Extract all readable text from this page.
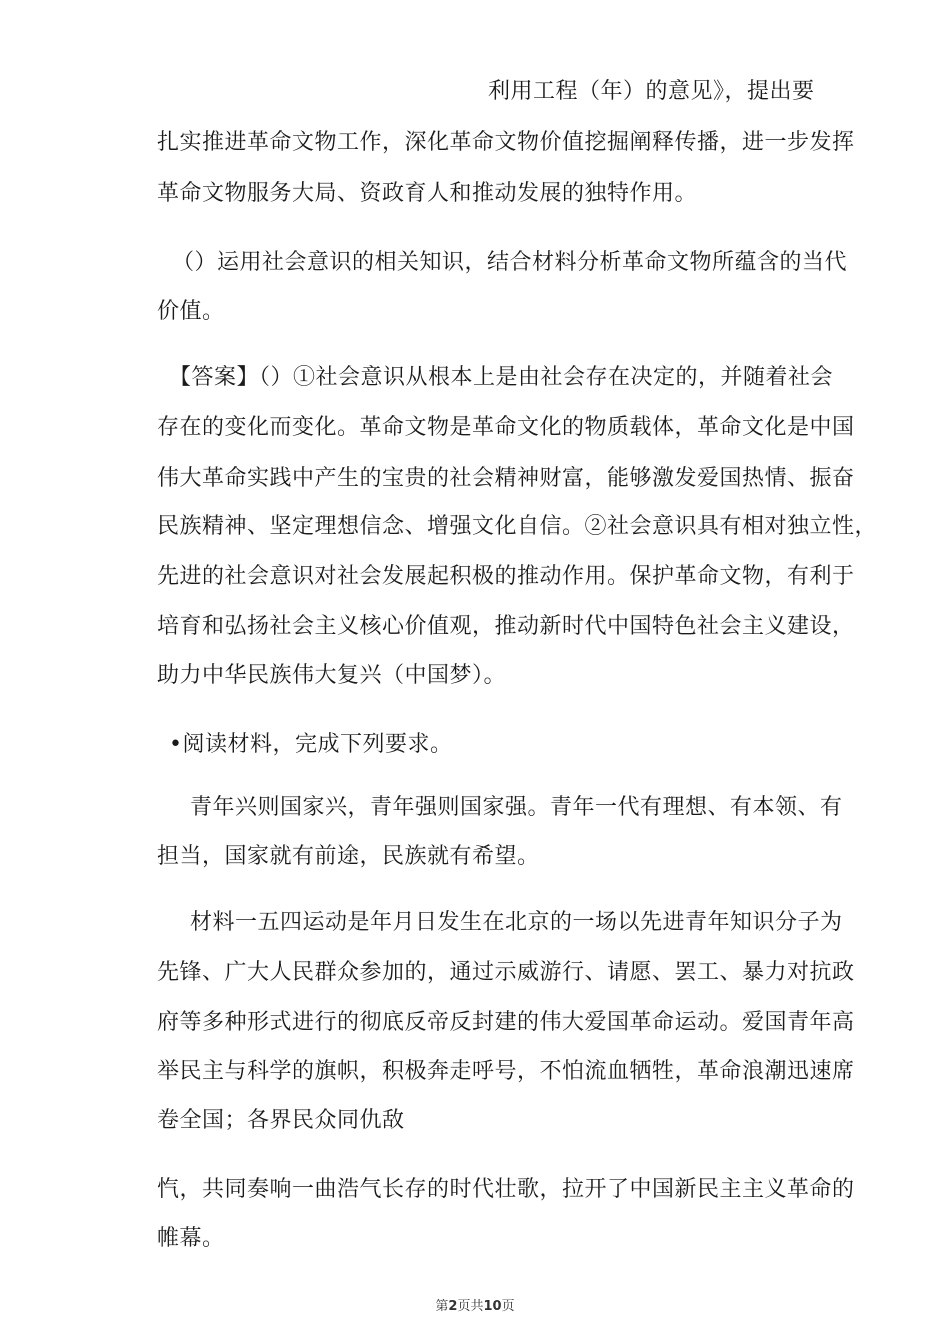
利用工程（年）的意见》，提出要
扎实推进革命文物工作，深化革命文物价值挖掘阐释传播，进一步发挥
革命文物服务大局、资政育人和推动发展的独特作用。
（）运用社会意识的相关知识，结合材料分析革命文物所蕴含的当代
价值。
【答案】（）①社会意识从根本上是由社会存在决定的，并随着社会
存在的变化而变化。革命文物是革命文化的物质载体，革命文化是中国
伟大革命实践中产生的宝贵的社会精神财富，能够激发爱国热情、振奋
民族精神、坚定理想信念、增强文化自信。②社会意识具有相对独立性，
先进的社会意识对社会发展起积极的推动作用。保护革命文物，有利于
培育和弘扬社会主义核心价值观，推动新时代中国特色社会主义建设，
助力中华民族伟大复兴（中国梦）。
•阅读材料，完成下列要求。
青年兴则国家兴，青年强则国家强。青年一代有理想、有本领、有
担当，国家就有前途，民族就有希望。
材料一五四运动是年月日发生在北京的一场以先进青年知识分子为
先锋、广大人民群众参加的，通过示威游行、请愿、罢工、暴力对抗政
府等多种形式进行的彻底反帝反封建的伟大爱国革命运动。爱国青年高
举民主与科学的旗帜，积极奔走呼号，不怕流血牺牲，革命浪潮迅速席
卷全国；各界民众同仇敌
忾，共同奏响一曲浩气长存的时代壮歌，拉开了中国新民主主义革命的
帷幕。
第2页共10页
